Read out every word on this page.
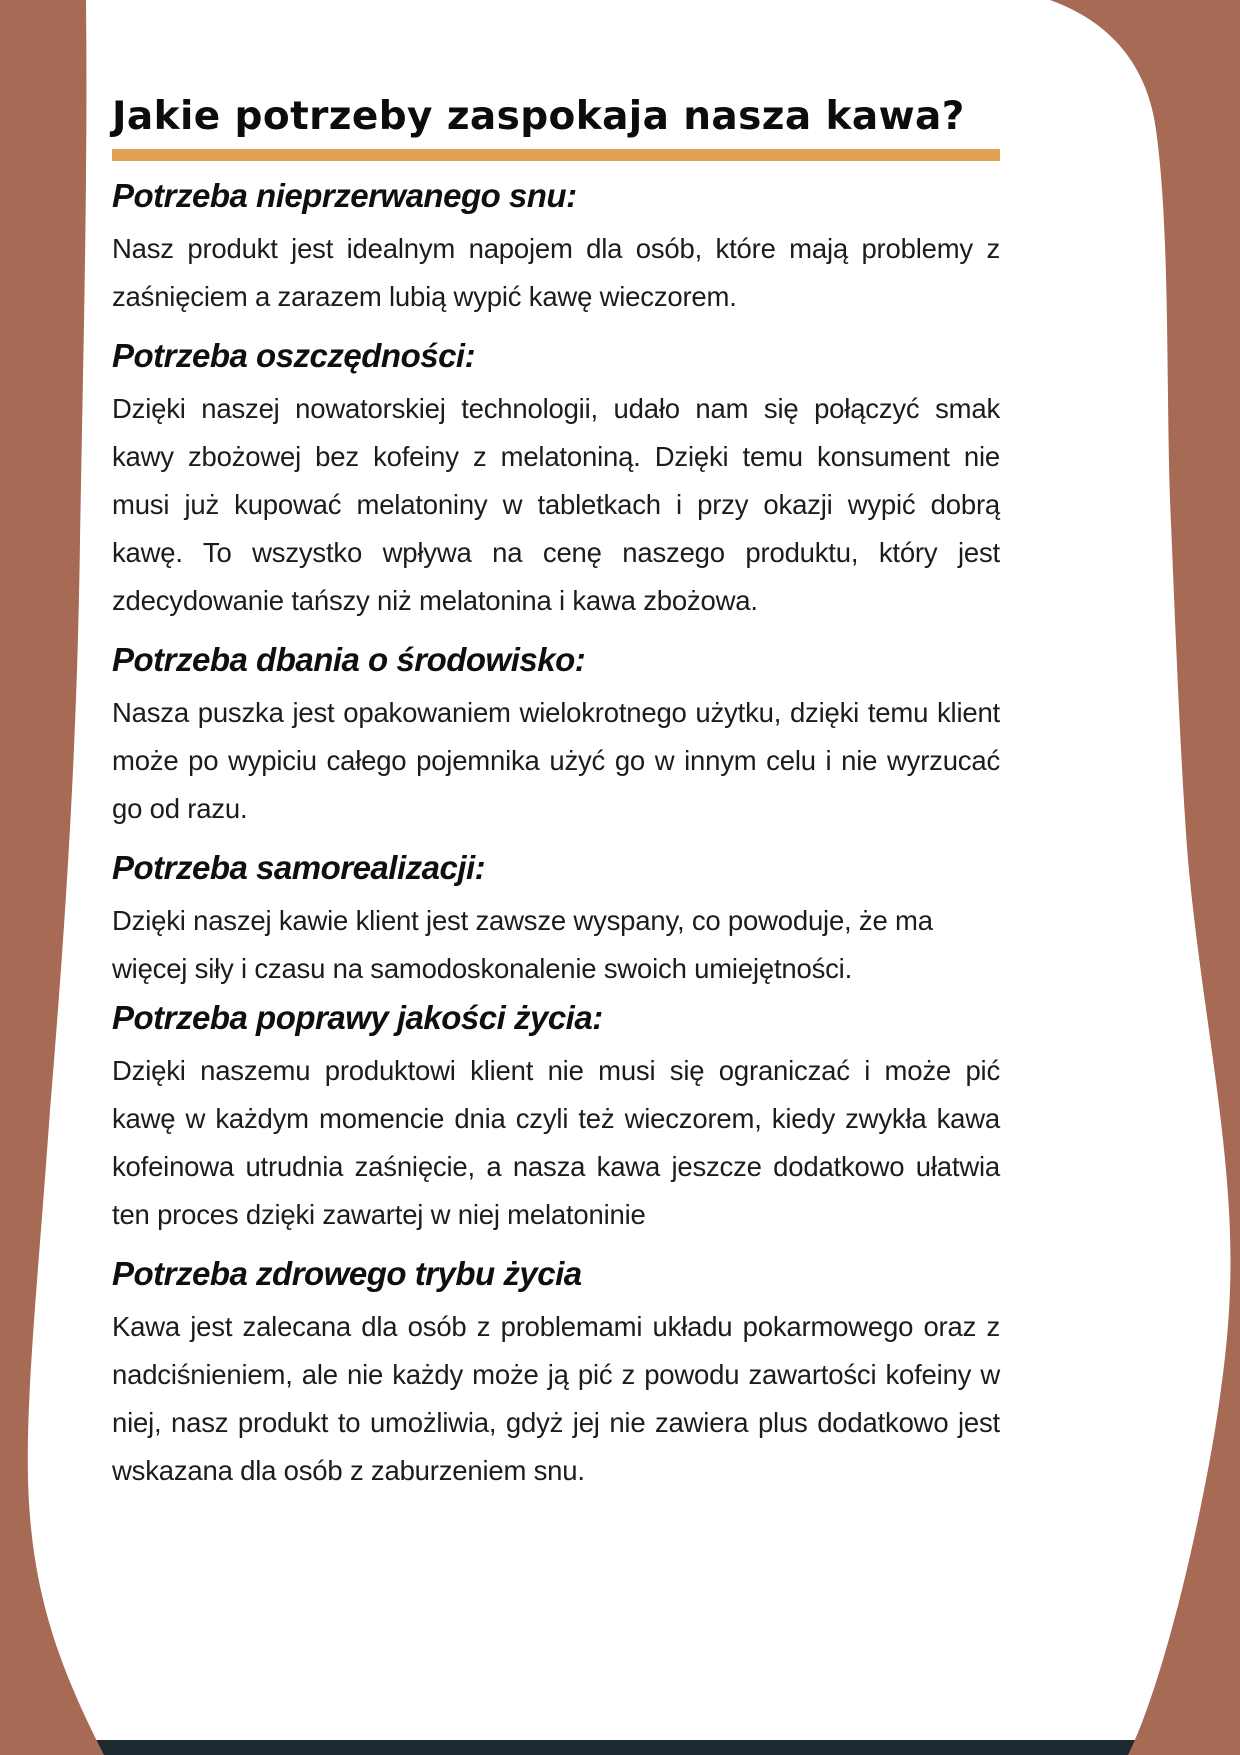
Jakie potrzeby zaspokaja nasza kawa?
Potrzeba nieprzerwanego snu:

Nasz produkt jest idealnym napojem dla osób, które mają problemy z zaśnięciem a zarazem lubią wypić kawę wieczorem.

Potrzeba oszczędności:

Dzięki naszej nowatorskiej technologii, udało nam się połączyć smak kawy zbożowej bez kofeiny z melatoniną. Dzięki temu konsument nie musi już kupować melatoniny w tabletkach i przy okazji wypić dobrą kawę. To wszystko wpływa na cenę naszego produktu, który jest zdecydowanie tańszy niż melatonina i kawa zbożowa.

Potrzeba dbania o środowisko:

Nasza puszka jest opakowaniem wielokrotnego użytku, dzięki temu klient może po wypiciu całego pojemnika użyć go w innym celu i nie wyrzucać go od razu.

Potrzeba samorealizacji:

Dzięki naszej kawie klient jest zawsze wyspany, co powoduje, że ma więcej siły i czasu na samodoskonalenie swoich umiejętności.

Potrzeba poprawy jakości życia:

Dzięki naszemu produktowi klient nie musi się ograniczać i może pić kawę w każdym momencie dnia czyli też wieczorem, kiedy zwykła kawa kofeinowa utrudnia zaśnięcie, a nasza kawa jeszcze dodatkowo ułatwia ten proces dzięki zawartej w niej melatoninie

Potrzeba zdrowego trybu życia

Kawa jest zalecana dla osób z problemami układu pokarmowego oraz z nadciśnieniem, ale nie każdy może ją pić z powodu zawartości kofeiny w niej, nasz produkt to umożliwia, gdyż jej nie zawiera plus dodatkowo jest wskazana dla osób z zaburzeniem snu.
